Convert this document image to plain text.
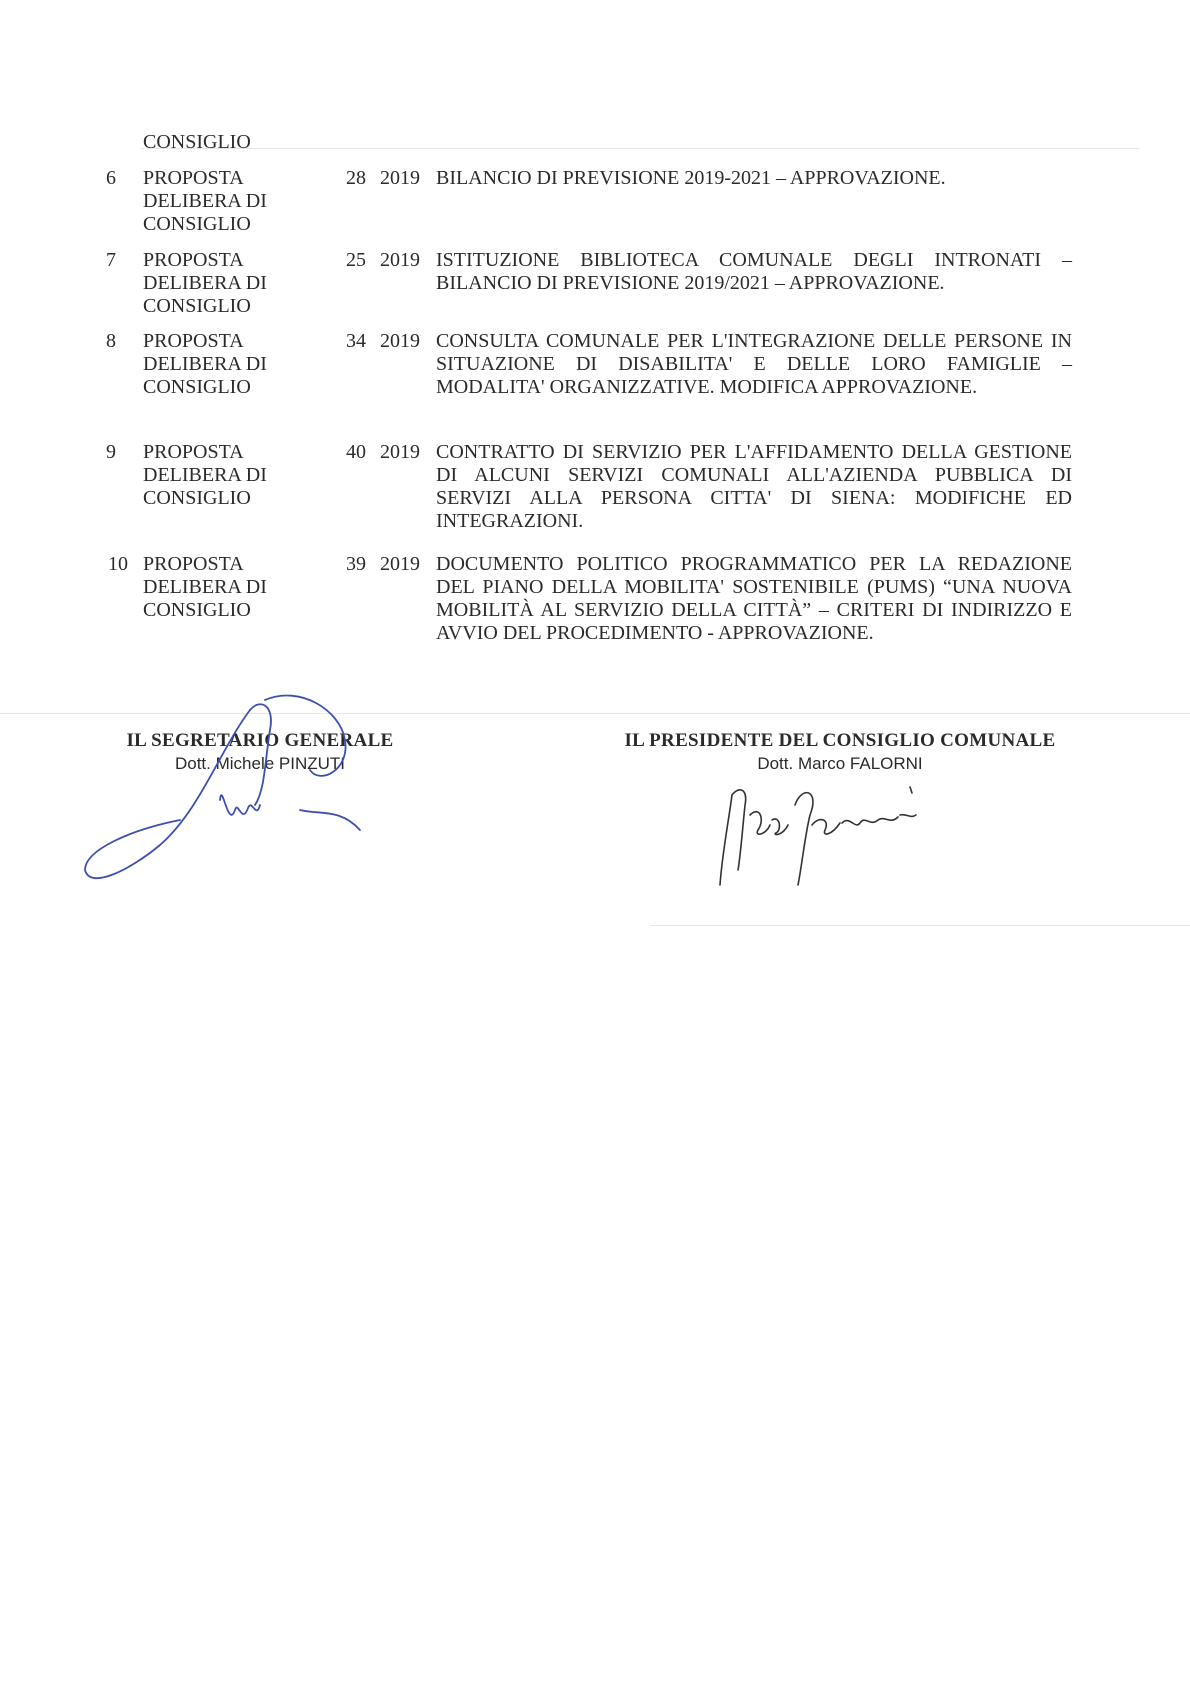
CONSIGLIO
6	PROPOSTA
DELIBERA DI
CONSIGLIO
28 2019 BILANCIO DI PREVISIONE 2019-2021 – APPROVAZIONE.
7	PROPOSTA
DELIBERA DI
CONSIGLIO
25 2019 ISTITUZIONE BIBLIOTECA COMUNALE DEGLI INTRONATI – BILANCIO DI PREVISIONE 2019/2021 – APPROVAZIONE.
8	PROPOSTA
DELIBERA DI
CONSIGLIO
34 2019 CONSULTA COMUNALE PER L'INTEGRAZIONE DELLE PERSONE IN SITUAZIONE DI DISABILITA' E DELLE LORO FAMIGLIE – MODALITA' ORGANIZZATIVE. MODIFICA APPROVAZIONE.
9	PROPOSTA
DELIBERA DI
CONSIGLIO
40 2019 CONTRATTO DI SERVIZIO PER L'AFFIDAMENTO DELLA GESTIONE DI ALCUNI SERVIZI COMUNALI ALL'AZIENDA PUBBLICA DI SERVIZI ALLA PERSONA CITTA' DI SIENA: MODIFICHE ED INTEGRAZIONI.
10 PROPOSTA
DELIBERA DI
CONSIGLIO
39 2019 DOCUMENTO POLITICO PROGRAMMATICO PER LA REDAZIONE DEL PIANO DELLA MOBILITA' SOSTENIBILE (PUMS) “UNA NUOVA MOBILITÀ AL SERVIZIO DELLA CITTÀ” – CRITERI DI INDIRIZZO E AVVIO DEL PROCEDIMENTO - APPROVAZIONE.
IL SEGRETARIO GENERALE
Dott. Michele PINZUTI
IL PRESIDENTE DEL CONSIGLIO COMUNALE
Dott. Marco FALORNI
